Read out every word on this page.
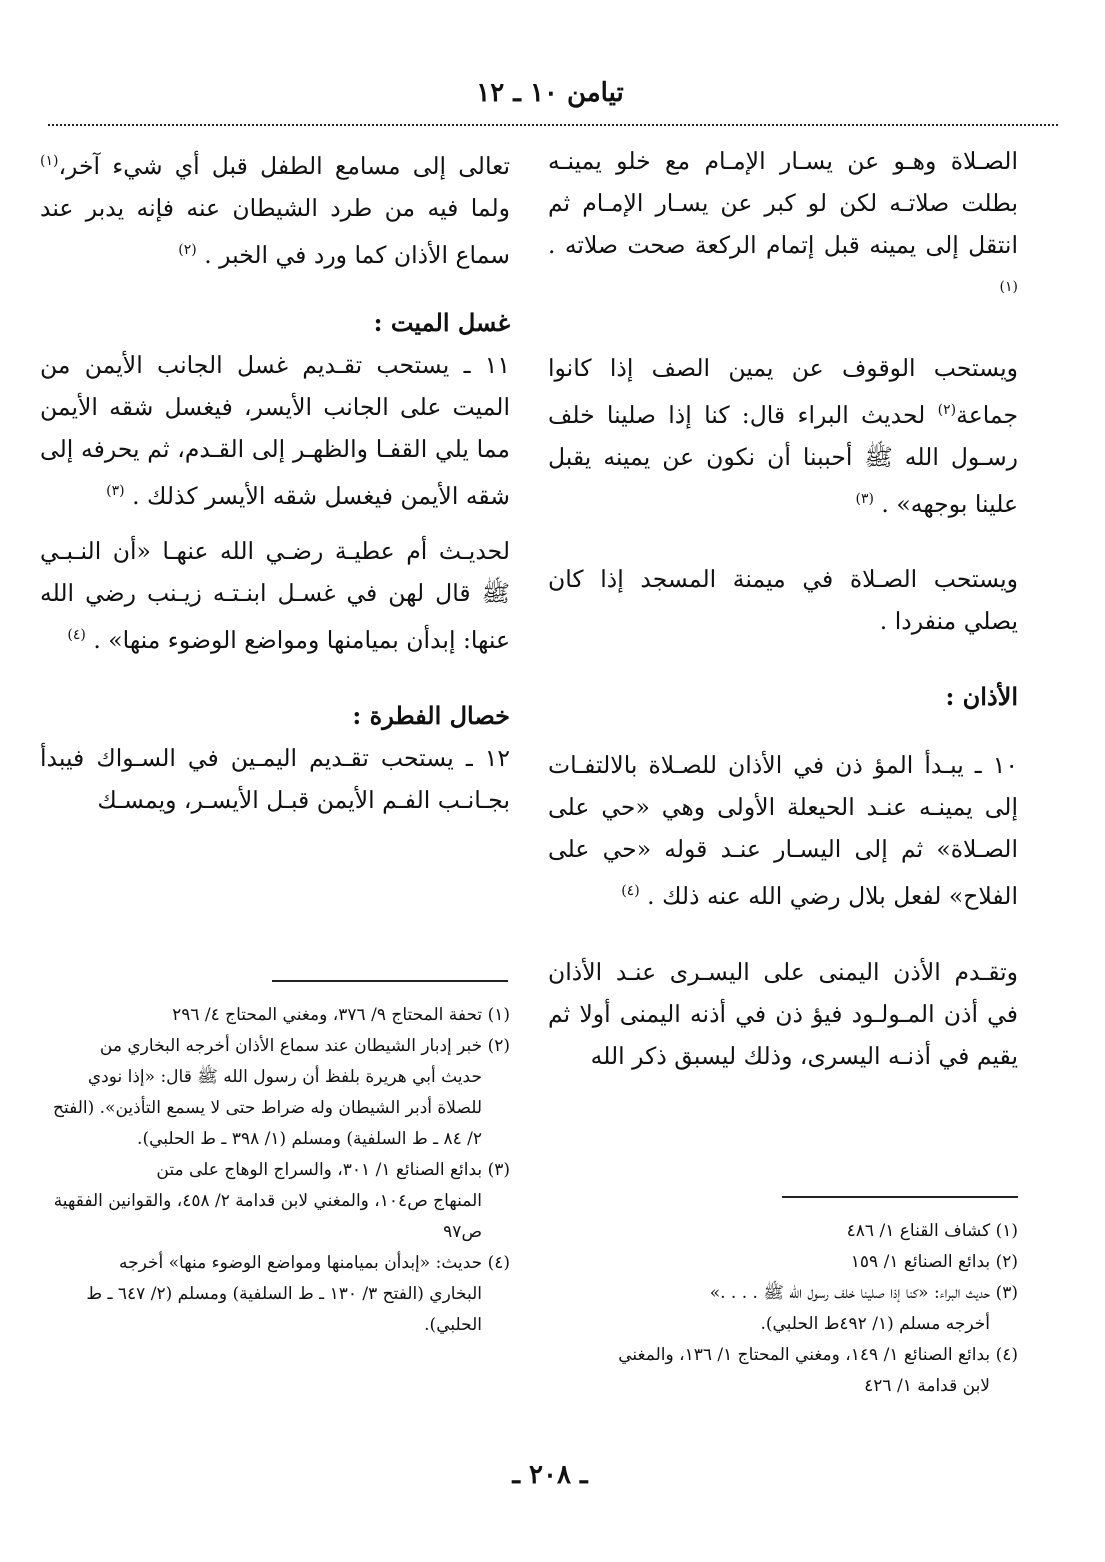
تيامن ١٠ ـ ١٢

الصـلاة وهـو عن يسـار الإمـام مع خلو يمينـه بطلت صلاتـه لكن لو كبر عن يسـار الإمـام ثم انتقل إلى يمينه قبل إتمام الركعة صحت صلاته . $^{(١)}$

ويستحب الوقوف عن يمين الصف إذا كانوا جماعة$^{(٢)}$ لحديث البراء قال: كنا إذا صلينا خلف رسـول الله ﷺ أحببنا أن نكون عن يمينه يقبل علينا بوجهه» . $^{(٣)}$

ويستحب الصـلاة في ميمنة المسجد إذا كان يصلي منفردا .

الأذان :

١٠ ـ يبـدأ المؤ ذن في الأذان للصـلاة بالالتفـات إلى يمينـه عنـد الحيعلة الأولى وهي «حي على الصـلاة» ثم إلى اليسـار عنـد قوله «حي على الفلاح» لفعل بلال رضي الله عنه ذلك . $^{(٤)}$

وتقـدم الأذن اليمنى على اليسـرى عنـد الأذان في أذن المـولـود فيؤ ذن في أذنه اليمنى أولا ثم يقيم في أذنـه اليسرى، وذلك ليسبق ذكر الله

تعالى إلى مسامع الطفل قبل أي شيء آخر،$^{(١)}$ ولما فيه من طرد الشيطان عنه فإنه يدبر عند سماع الأذان كما ورد في الخبر . $^{(٢)}$

غسل الميت :

١١ ـ يستحب تقـديم غسل الجانب الأيمن من الميت على الجانب الأيسر، فيغسل شقه الأيمن مما يلي القفـا والظهـر إلى القـدم، ثم يحرفه إلى شقه الأيمن فيغسل شقه الأيسر كذلك . $^{(٣)}$

لحديـث أم عطيـة رضـي الله عنهـا «أن النـبـي ﷺ قال لهن في غسـل ابنـتـه زيـنب رضي الله عنها: إبدأن بميامنها ومواضع الوضوء منها» . $^{(٤)}$

خصال الفطرة :

١٢ ـ يستحب تقـديم اليمـين في السـواك فيبدأ بجـانـب الفـم الأيمن قبـل الأيسـر، ويمسـك

(١) كشاف القناع ١/ ٤٨٦

(٢) بدائع الصنائع ١/ ١٥٩

(٣) حديث البراء: «كنا إذا صلينا خلف رسول الله ﷺ . . . .»
أخرجه مسلم (١/ ٤٩٢ط الحلبي).

(٤) بدائع الصنائع ١/ ١٤٩، ومغني المحتاج ١/ ١٣٦، والمغني
لابن قدامة ١/ ٤٢٦

(١) تحفة المحتاج ٩/ ٣٧٦، ومغني المحتاج ٤/ ٢٩٦

(٢) خبر إدبار الشيطان عند سماع الأذان أخرجه البخاري من
حديث أبي هريرة بلفظ أن رسول الله ﷺ قال: «إذا نودي للصلاة أدبر الشيطان وله ضراط حتى لا يسمع التأذين». (الفتح ٢/ ٨٤ ـ ط السلفية) ومسلم (١/ ٣٩٨ ـ ط الحلبي).

(٣) بدائع الصنائع ١/ ٣٠١، والسراج الوهاج على متن
المنهاج ص١٠٤، والمغني لابن قدامة ٢/ ٤٥٨، والقوانين الفقهية ص٩٧

(٤) حديث: «إبدأن بميامنها ومواضع الوضوء منها» أخرجه
البخاري (الفتح ٣/ ١٣٠ ـ ط السلفية) ومسلم (٢/ ٦٤٧ ـ ط الحلبي).

ـ ٢٠٨ ـ
